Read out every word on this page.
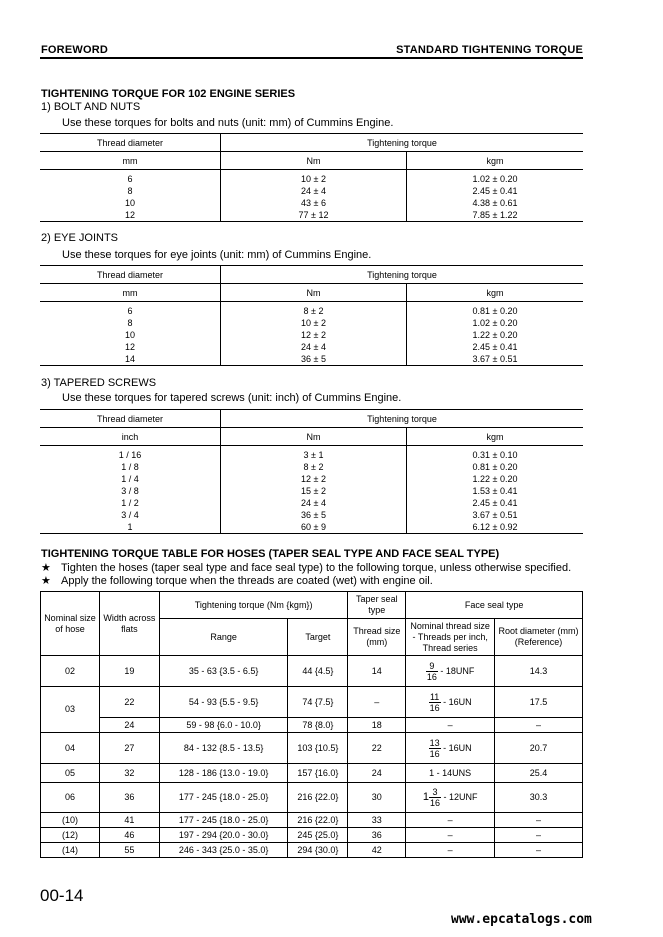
FOREWORD	STANDARD TIGHTENING TORQUE
TIGHTENING TORQUE FOR 102 ENGINE SERIES
1) BOLT AND NUTS
Use these torques for bolts and nuts (unit: mm) of Cummins Engine.
Thread diameter	Tightening torque	
mm	Nm	kgm
6	10 ± 2	1.02 ± 0.20
8	24 ± 4	2.45 ± 0.41
10	43 ± 6	4.38 ± 0.61
12	77 ± 12	7.85 ± 1.22
2) EYE JOINTS
Use these torques for eye joints (unit: mm) of Cummins Engine.
Thread diameter	Tightening torque	
mm	Nm	kgm
6	8 ± 2	0.81 ± 0.20
8	10 ± 2	1.02 ± 0.20
10	12 ± 2	1.22 ± 0.20
12	24 ± 4	2.45 ± 0.41
14	36 ± 5	3.67 ± 0.51
3) TAPERED SCREWS
Use these torques for tapered screws (unit: inch) of Cummins Engine.
Thread diameter	Tightening torque	
inch	Nm	kgm
1 / 16	3 ± 1	0.31 ± 0.10
1 / 8	8 ± 2	0.81 ± 0.20
1 / 4	12 ± 2	1.22 ± 0.20
3 / 8	15 ± 2	1.53 ± 0.41
1 / 2	24 ± 4	2.45 ± 0.41
3 / 4	36 ± 5	3.67 ± 0.51
1	60 ± 9	6.12 ± 0.92
TIGHTENING TORQUE TABLE FOR HOSES (TAPER SEAL TYPE AND FACE SEAL TYPE)
★ Tighten the hoses (taper seal type and face seal type) to the following torque, unless otherwise specified.
★ Apply the following torque when the threads are coated (wet) with engine oil.
Nominal size of hose	Width across flats	Tightening torque (Nm {kgm})		Taper seal type	Face seal type	
		Range	Target	Thread size (mm)	Nominal thread size - Threads per inch, Thread series	Root diameter (mm) (Reference)
02	19	35 - 63 {3.5 - 6.5}	44 {4.5}	14	$\frac{9}{16} - 18UNF$	14.3
03	22	54 - 93 {5.5 - 9.5}	74 {7.5}	–	$\frac{11}{16} - 16UN$	17.5
	24	59 - 98 {6.0 - 10.0}	78 {8.0}	18	–	–
04	27	84 - 132 {8.5 - 13.5}	103 {10.5}	22	$\frac{13}{16} - 16UN$	20.7
05	32	128 - 186 {13.0 - 19.0}	157 {16.0}	24	1 - 14UNS	25.4
06	36	177 - 245 {18.0 - 25.0}	216 {22.0}	30	$1 \frac{3}{16} - 12UNF$	30.3
(10)	41	177 - 245 {18.0 - 25.0}	216 {22.0}	33	–	–
(12)	46	197 - 294 {20.0 - 30.0}	245 {25.0}	36	–	–
(14)	55	246 - 343 {25.0 - 35.0}	294 {30.0}	42	–	–
00-14
www.epcatalogs.com
